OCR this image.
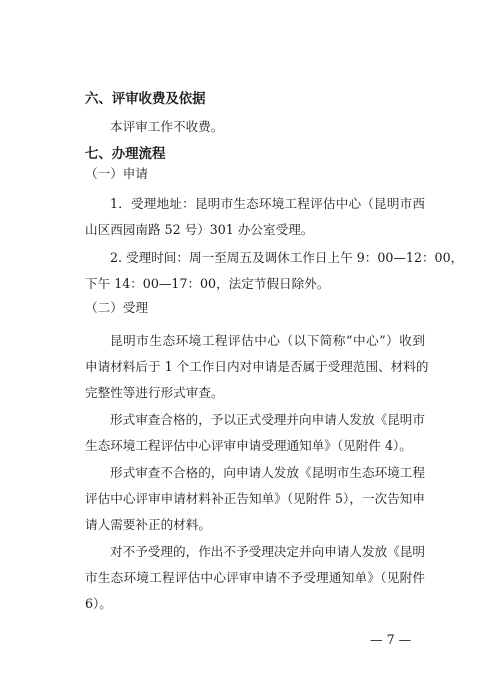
六、评审收费及依据
本评审工作不收费。
七、办理流程
（一）申请
1．受理地址：昆明市生态环境工程评估中心（昆明市西
山区西园南路 52 号）301 办公室受理。
2. 受理时间：周一至周五及调休工作日上午 9：00—12：00，
下午 14：00—17：00，法定节假日除外。
（二）受理
昆明市生态环境工程评估中心（以下简称“中心”）收到
申请材料后于 1 个工作日内对申请是否属于受理范围、材料的
完整性等进行形式审查。
形式审查合格的，予以正式受理并向申请人发放《昆明市
生态环境工程评估中心评审申请受理通知单》（见附件 4）。
形式审查不合格的，向申请人发放《昆明市生态环境工程
评估中心评审申请材料补正告知单》（见附件 5），一次告知申
请人需要补正的材料。
对不予受理的，作出不予受理决定并向申请人发放《昆明
市生态环境工程评估中心评审申请不予受理通知单》（见附件
6）。
— 7 —
